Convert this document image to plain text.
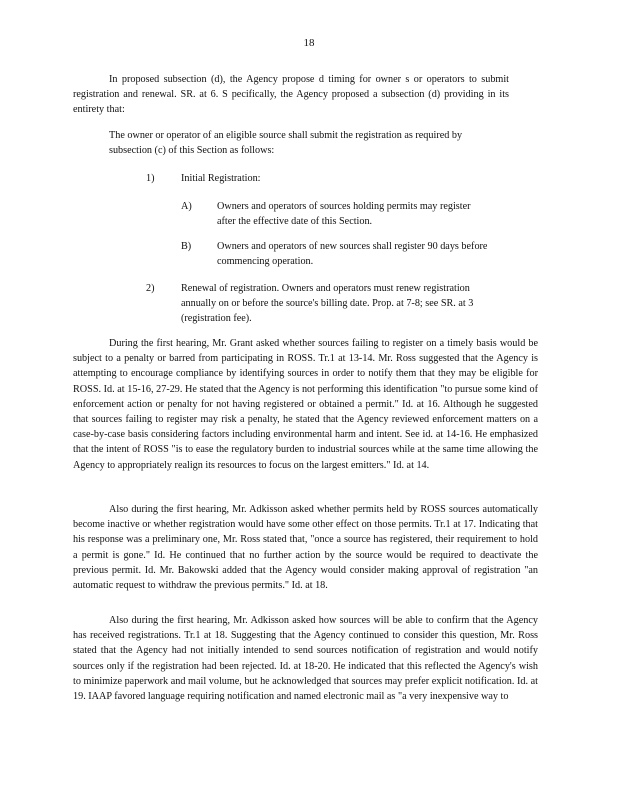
18
In proposed subsection (d), the Agency propose d timing for owner s or operators to submit registration and renewal. SR. at 6. S pecifically, the Agency proposed a subsection (d) providing in its entirety that:
The owner or operator of an eligible source shall submit the registration as required by subsection (c) of this Section as follows:
1)	Initial Registration:
A) Owners and operators of sources holding permits may register after the effective date of this Section.
B)	Owners and operators of new sources shall register 90 days before commencing operation.
2)	Renewal of registration. Owners and operators must renew registration annually on or before the source's billing date. Prop. at 7-8; see SR. at 3 (registration fee).
During the first hearing, Mr. Grant asked whether sources failing to register on a timely basis would be subject to a penalty or barred from participating in ROSS. Tr.1 at 13-14. Mr. Ross suggested that the Agency is attempting to encourage compliance by identifying sources in order to notify them that they may be eligible for ROSS. Id. at 15-16, 27-29. He stated that the Agency is not performing this identification "to pursue some kind of enforcement action or penalty for not having registered or obtained a permit." Id. at 16. Although he suggested that sources failing to register may risk a penalty, he stated that the Agency reviewed enforcement matters on a case-by-case basis considering factors including environmental harm and intent. See id. at 14-16. He emphasized that the intent of ROSS "is to ease the regulatory burden to industrial sources while at the same time allowing the Agency to appropriately realign its resources to focus on the largest emitters." Id. at 14.
Also during the first hearing, Mr. Adkisson asked whether permits held by ROSS sources automatically become inactive or whether registration would have some other effect on those permits. Tr.1 at 17. Indicating that his response was a preliminary one, Mr. Ross stated that, "once a source has registered, their requirement to hold a permit is gone." Id. He continued that no further action by the source would be required to deactivate the previous permit. Id. Mr. Bakowski added that the Agency would consider making approval of registration "an automatic request to withdraw the previous permits." Id. at 18.
Also during the first hearing, Mr. Adkisson asked how sources will be able to confirm that the Agency has received registrations. Tr.1 at 18. Suggesting that the Agency continued to consider this question, Mr. Ross stated that the Agency had not initially intended to send sources notification of registration and would notify sources only if the registration had been rejected. Id. at 18-20. He indicated that this reflected the Agency's wish to minimize paperwork and mail volume, but he acknowledged that sources may prefer explicit notification. Id. at 19. IAAP favored language requiring notification and named electronic mail as "a very inexpensive way to
